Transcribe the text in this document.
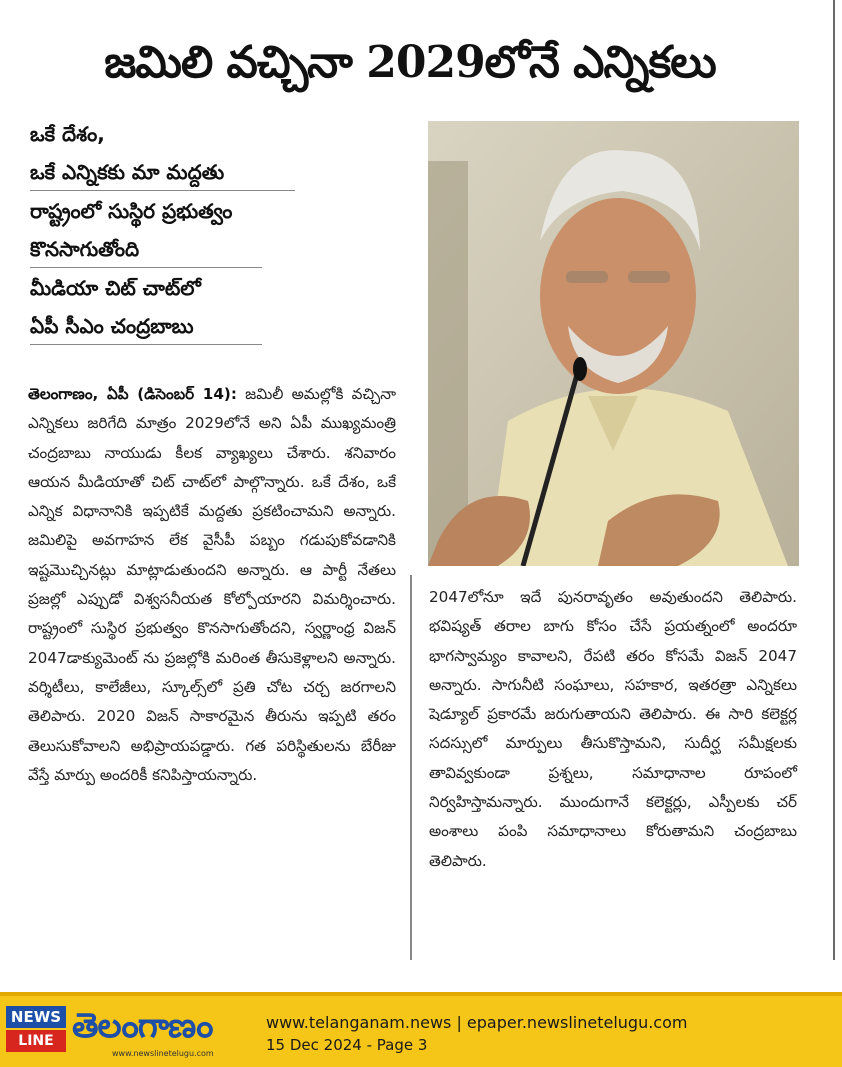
జమిలి వచ్చినా 2029లోనే ఎన్నికలు
ఒకే దేశం,
ఒకే ఎన్నికకు మా మద్దతు
రాష్ట్రంలో సుస్థిర ప్రభుత్వం
కొనసాగుతోంది
మీడియా చిట్ చాట్‌లో
ఏపీ సీఎం చంద్రబాబు

తెలంగాణం, ఏపీ (డిసెంబర్ 14): జమిలీ అమల్లోకి వచ్చినా ఎన్నికలు జరిగేది మాత్రం 2029లోనే అని ఏపీ ముఖ్యమంత్రి చంద్రబాబు నాయుడు కీలక వ్యాఖ్యలు చేశారు. శనివారం ఆయన మీడియాతో చిట్ చాట్‌లో పాల్గొన్నారు. ఒకే దేశం, ఒకే ఎన్నిక విధానానికి ఇప్పటికే మద్దతు ప్రకటించామని అన్నారు. జమిలిపై అవగాహన లేక వైసీపీ పబ్బం గడుపుకోవడానికి ఇష్టమొచ్చినట్లు మాట్లాడుతుందని అన్నారు. ఆ పార్టీ నేతలు ప్రజల్లో ఎప్పుడో విశ్వసనీయత కోల్పోయారని విమర్శించారు. రాష్ట్రంలో సుస్థిర ప్రభుత్వం కొనసాగుతోందని, స్వర్ణాంధ్ర విజన్ 2047డాక్యుమెంట్ ను ప్రజల్లోకి మరింత తీసుకెళ్లాలని అన్నారు. వర్శిటీలు, కాలేజీలు, స్కూల్స్‌లో ప్రతి చోట చర్చ జరగాలని తెలిపారు. 2020 విజన్ సాకారమైన తీరును ఇప్పటి తరం తెలుసుకోవాలని అభిప్రాయపడ్డారు. గత పరిస్థితులను బేరీజు వేస్తే మార్పు అందరికీ కనిపిస్తాయన్నారు.

2047లోనూ ఇదే పునరావృతం అవుతుందని తెలిపారు. భవిష్యత్ తరాల బాగు కోసం చేసే ప్రయత్నంలో అందరూ భాగస్వామ్యం కావాలని, రేపటి తరం కోసమే విజన్ 2047 అన్నారు. సాగునీటి సంఘాలు, సహకార, ఇతరత్రా ఎన్నికలు షెడ్యూల్ ప్రకారమే జరుగుతాయని తెలిపారు. ఈ సారి కలెక్టర్ల సదస్సులో మార్పులు తీసుకొస్తామని, సుదీర్ఘ సమీక్షలకు తావివ్వకుండా ప్రశ్నలు, సమాధానాల రూపంలో నిర్వహిస్తామన్నారు. ముందుగానే కలెక్టర్లు, ఎస్పీలకు చర్ అంశాలు పంపి సమాధానాలు కోరుతామని చంద్రబాబు తెలిపారు.

NEWS
LINE తెలంగాణం
www.newslinetelugu.com
www.telanganam.news | epaper.newslinetelugu.com
15 Dec 2024 - Page 3
